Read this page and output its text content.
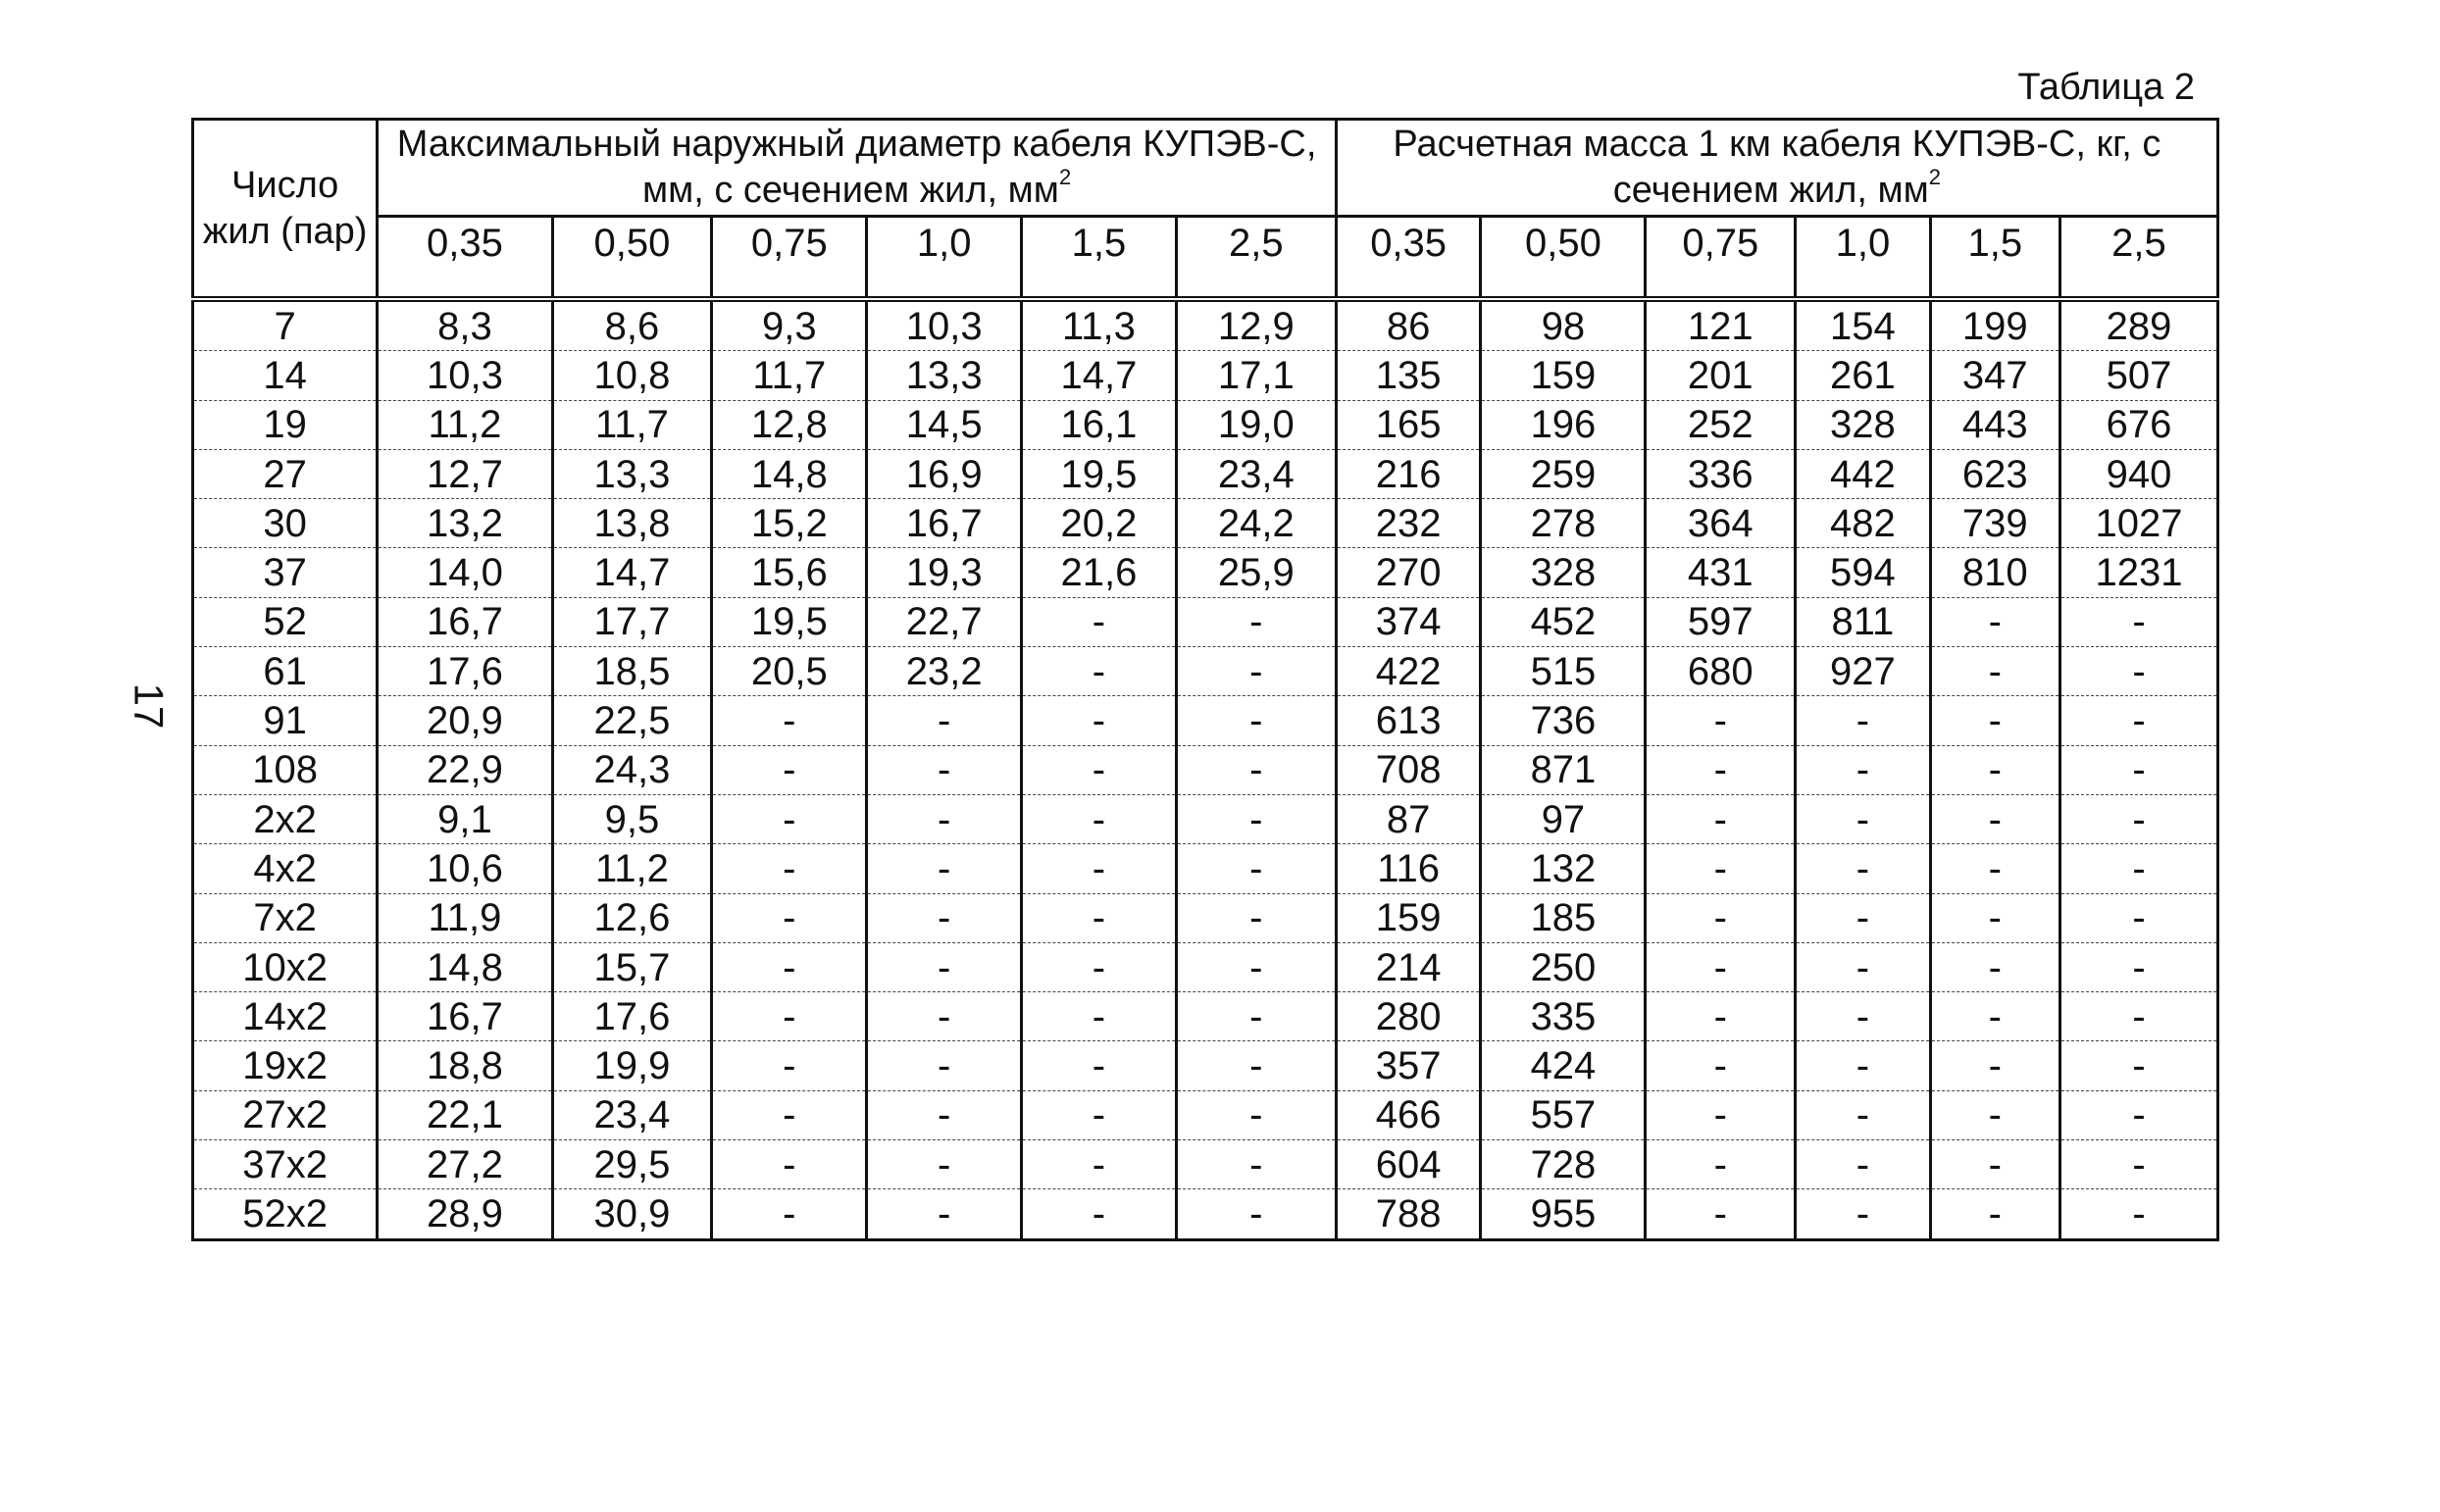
17
Таблица 2
Число жил (пар)	Максимальный наружный диаметр кабеля КУПЭВ-С, мм, с сечением жил, $мм^2$						Расчетная масса 1 км кабеля КУПЭВ-С, кг, с сечением жил, $мм^2$
	0,35	0,50	0,75	1,0	1,5	2,5	0,35	0,50	0,75	1,0	1,5	2,5
7	8,3	8,6	9,3	10,3	11,3	12,9	86	98	121	154	199	289
14	10,3	10,8	11,7	13,3	14,7	17,1	135	159	201	261	347	507
19	11,2	11,7	12,8	14,5	16,1	19,0	165	196	252	328	443	676
27	12,7	13,3	14,8	16,9	19,5	23,4	216	259	336	442	623	940
30	13,2	13,8	15,2	16,7	20,2	24,2	232	278	364	482	739	1027
37	14,0	14,7	15,6	19,3	21,6	25,9	270	328	431	594	810	1231
52	16,7	17,7	19,5	22,7	-	-	374	452	597	811	-	-
61	17,6	18,5	20,5	23,2	-	-	422	515	680	927	-	-
91	20,9	22,5	-	-	-	-	613	736	-	-	-	-
108	22,9	24,3	-	-	-	-	708	871	-	-	-	-
2x2	9,1	9,5	-	-	-	-	87	97	-	-	-	-
4x2	10,6	11,2	-	-	-	-	116	132	-	-	-	-
7x2	11,9	12,6	-	-	-	-	159	185	-	-	-	-
10x2	14,8	15,7	-	-	-	-	214	250	-	-	-	-
14x2	16,7	17,6	-	-	-	-	280	335	-	-	-	-
19x2	18,8	19,9	-	-	-	-	357	424	-	-	-	-
27x2	22,1	23,4	-	-	-	-	466	557	-	-	-	-
37x2	27,2	29,5	-	-	-	-	604	728	-	-	-	-
52x2	28,9	30,9	-	-	-	-	788	955	-	-	-	-
